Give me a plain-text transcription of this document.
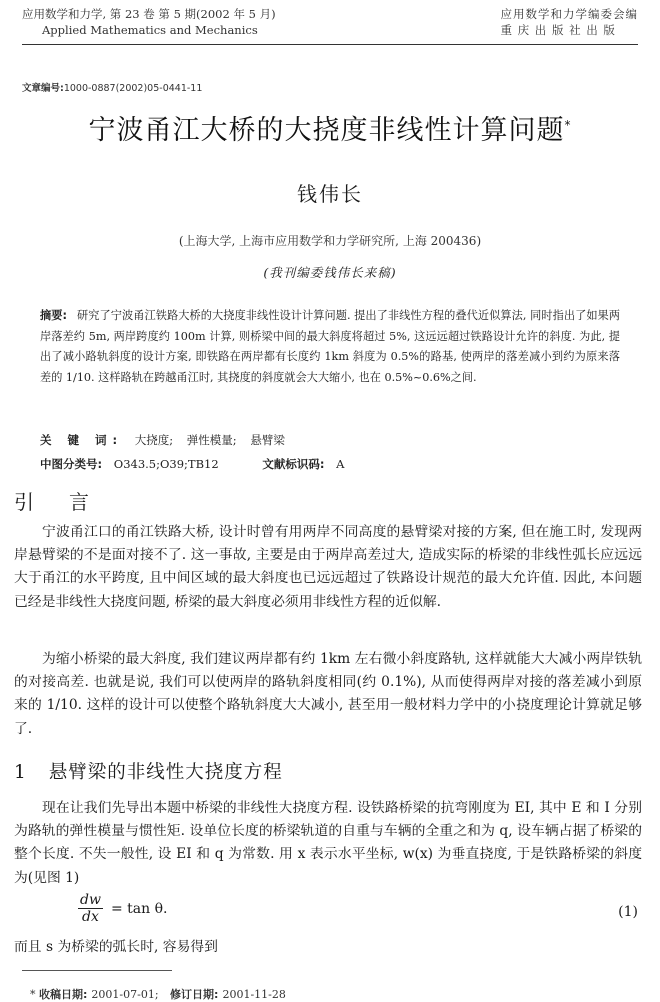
应用数学和力学, 第 23 卷 第 5 期(2002 年 5 月)
Applied Mathematics and Mechanics
应用数学和力学编委会编
重 庆 出 版 社 出 版
文章编号:1000-0887(2002)05-0441-11
宁波甬江大桥的大挠度非线性计算问题*
钱伟长
(上海大学, 上海市应用数学和力学研究所, 上海 200436)
(我刊编委钱伟长来稿)
摘要: 研究了宁波甬江铁路大桥的大挠度非线性设计计算问题. 提出了非线性方程的叠代近似算法, 同时指出了如果两岸落差约 5m, 两岸跨度约 100m 计算, 则桥梁中间的最大斜度将超过 5%, 这远远超过铁路设计允许的斜度. 为此, 提出了减小路轨斜度的设计方案, 即铁路在两岸都有长度约 1km 斜度为 0.5%的路基, 使两岸的落差减小到约为原来落差的 1/10. 这样路轨在跨越甬江时, 其挠度的斜度就会大大缩小, 也在 0.5%~0.6%之间.
关 键 词: 大挠度; 弹性模量; 悬臂梁
中图分类号: O343.5;O39;TB12	文献标识码: A
引 言

宁波甬江口的甬江铁路大桥, 设计时曾有用两岸不同高度的悬臂梁对接的方案, 但在施工时, 发现两岸悬臂梁的不是面对接不了. 这一事故, 主要是由于两岸高差过大, 造成实际的桥梁的非线性弧长应远远大于甬江的水平跨度, 且中间区域的最大斜度也已远远超过了铁路设计规范的最大允许值. 因此, 本问题已经是非线性大挠度问题, 桥梁的最大斜度必须用非线性方程的近似解.

为缩小桥梁的最大斜度, 我们建议两岸都有约 1km 左右微小斜度路轨, 这样就能大大减小两岸铁轨的对接高差. 也就是说, 我们可以使两岸的路轨斜度相同(约 0.1%), 从而使得两岸对接的落差减小到原来的 1/10. 这样的设计可以使整个路轨斜度大大减小, 甚至用一般材料力学中的小挠度理论计算就足够了.

1 悬臂梁的非线性大挠度方程

现在让我们先导出本题中桥梁的非线性大挠度方程. 设铁路桥梁的抗弯刚度为 EI, 其中 E 和 I 分别为路轨的弹性模量与惯性矩. 设单位长度的桥梁轨道的自重与车辆的全重之和为 q, 设车辆占据了桥梁的整个长度. 不失一般性, 设 EI 和 q 为常数. 用 x 表示水平坐标, w(x) 为垂直挠度, 于是铁路桥梁的斜度为(见图 1)

$\frac{dw}{dx} = \tan \theta$.	(1)
而且 s 为桥梁的弧长时, 容易得到
* 收稿日期: 2001-07-01; 修订日期: 2001-11-28
